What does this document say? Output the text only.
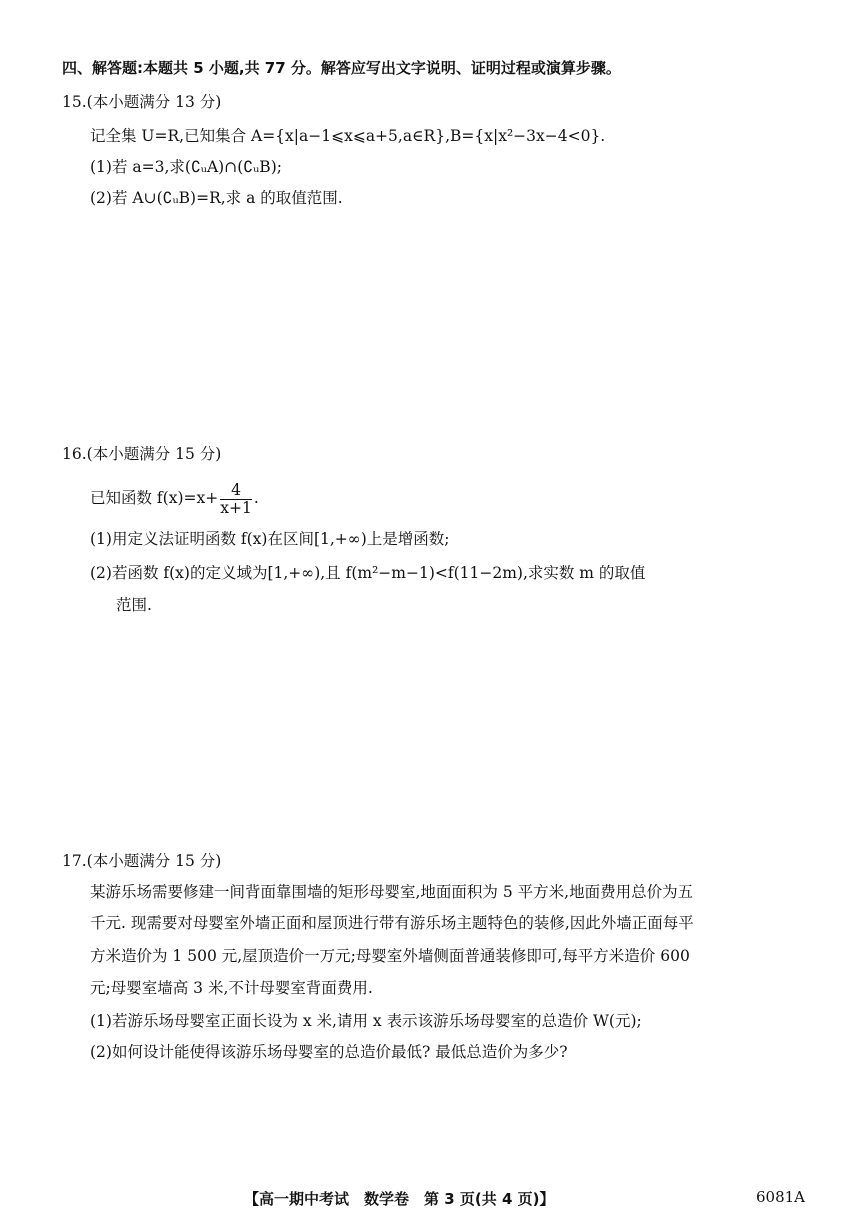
四、解答题:本题共 5 小题,共 77 分。解答应写出文字说明、证明过程或演算步骤。
15.(本小题满分 13 分)
记全集 U=R,已知集合 A={x|a−1⩽x⩽a+5,a∈R},B={x|x²−3x−4<0}.
(1)若 a=3,求(∁ᵤA)∩(∁ᵤB);
(2)若 A∪(∁ᵤB)=R,求 a 的取值范围.
16.(本小题满分 15 分)
已知函数 $f(x)=x+ \frac{4}{x+1}$ .
(1)用定义法证明函数 f(x)在区间[1,+∞)上是增函数;
(2)若函数 f(x)的定义域为[1,+∞),且 f(m²−m−1)<f(11−2m),求实数 m 的取值
范围.
17.(本小题满分 15 分)
某游乐场需要修建一间背面靠围墙的矩形母婴室,地面面积为 5 平方米,地面费用总价为五
千元. 现需要对母婴室外墙正面和屋顶进行带有游乐场主题特色的装修,因此外墙正面每平
方米造价为 1 500 元,屋顶造价一万元;母婴室外墙侧面普通装修即可,每平方米造价 600
元;母婴室墙高 3 米,不计母婴室背面费用.
(1)若游乐场母婴室正面长设为 x 米,请用 x 表示该游乐场母婴室的总造价 W(元);
(2)如何设计能使得该游乐场母婴室的总造价最低? 最低总造价为多少?
【高一期中考试　数学卷　第 3 页(共 4 页)】	6081A
